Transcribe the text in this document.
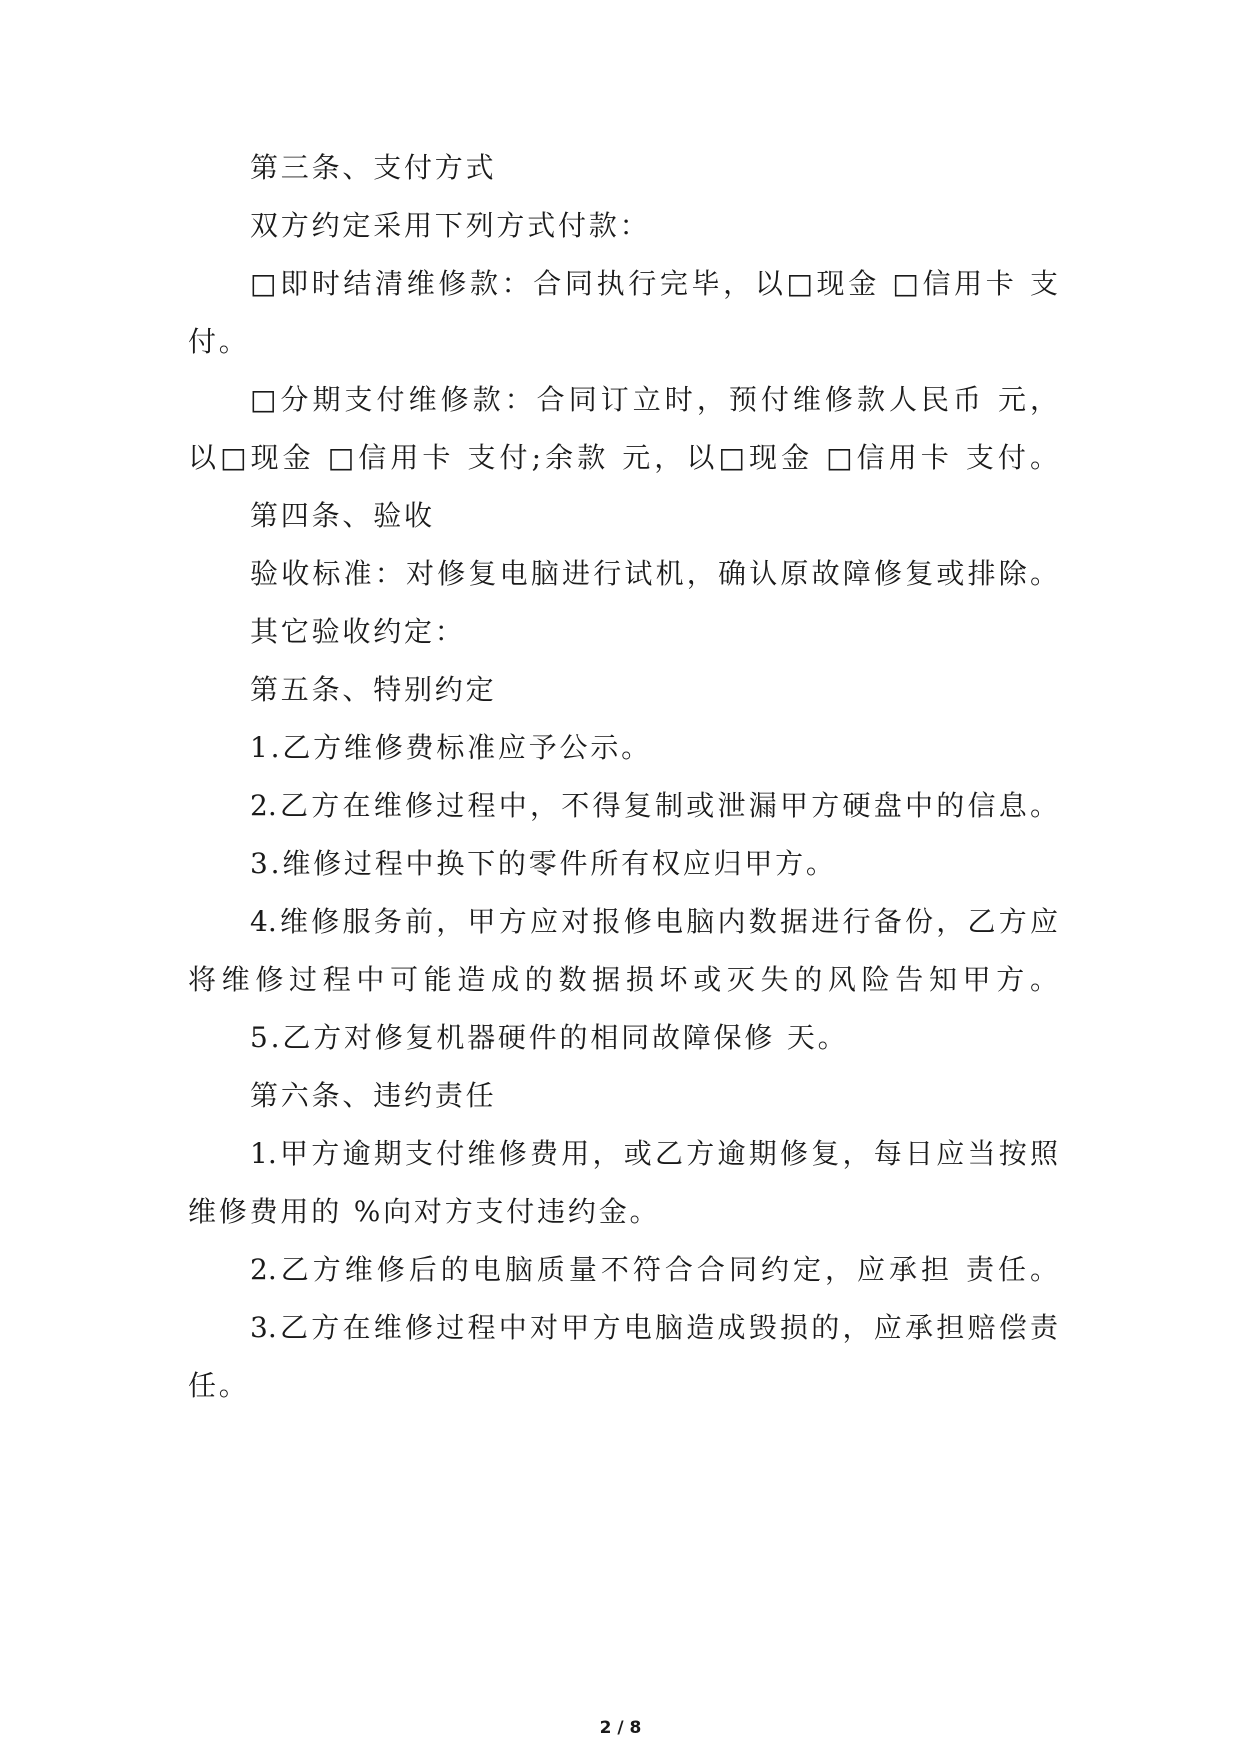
第三条、支付方式
双方约定采用下列方式付款：
□即时结清维修款：合同执行完毕，以□现金 □信用卡 支
付。
□分期支付维修款：合同订立时，预付维修款人民币 元，
以□现金 □信用卡 支付;余款 元，以□现金 □信用卡 支付。
第四条、验收
验收标准：对修复电脑进行试机，确认原故障修复或排除。
其它验收约定：
第五条、特别约定
1.乙方维修费标准应予公示。
2.乙方在维修过程中，不得复制或泄漏甲方硬盘中的信息。
3.维修过程中换下的零件所有权应归甲方。
4.维修服务前，甲方应对报修电脑内数据进行备份，乙方应
将维修过程中可能造成的数据损坏或灭失的风险告知甲方。
5.乙方对修复机器硬件的相同故障保修 天。
第六条、违约责任
1.甲方逾期支付维修费用，或乙方逾期修复，每日应当按照
维修费用的 %向对方支付违约金。
2.乙方维修后的电脑质量不符合合同约定，应承担 责任。
3.乙方在维修过程中对甲方电脑造成毁损的，应承担赔偿责
任。
2 / 8
